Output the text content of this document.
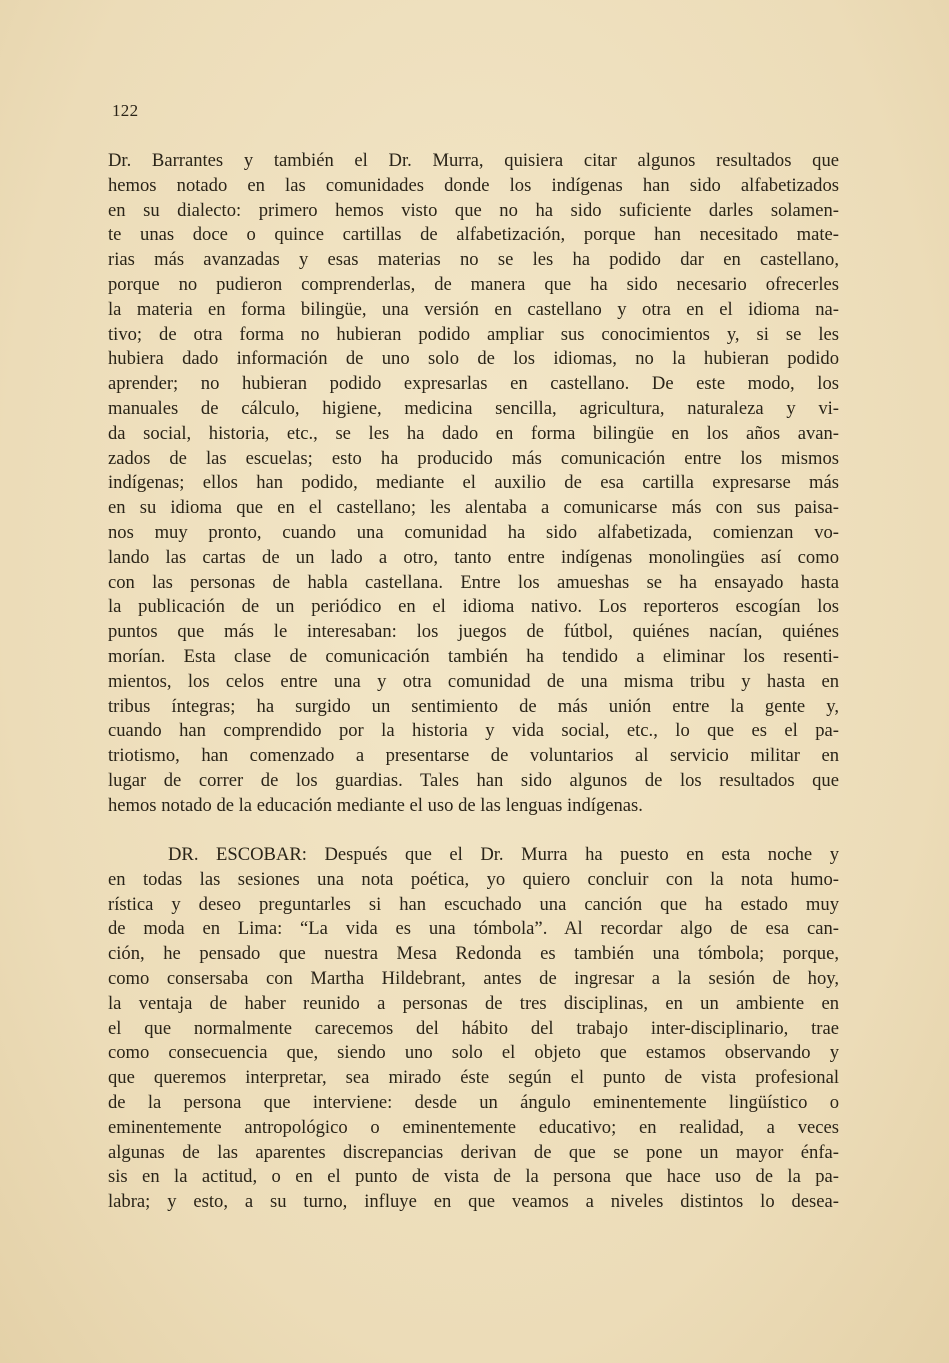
122
Dr. Barrantes y también el Dr. Murra, quisiera citar algunos resultados que
hemos notado en las comunidades donde los indígenas han sido alfabetizados
en su dialecto: primero hemos visto que no ha sido suficiente darles solamen-
te unas doce o quince cartillas de alfabetización, porque han necesitado mate-
rias más avanzadas y esas materias no se les ha podido dar en castellano,
porque no pudieron comprenderlas, de manera que ha sido necesario ofrecerles
la materia en forma bilingüe, una versión en castellano y otra en el idioma na-
tivo; de otra forma no hubieran podido ampliar sus conocimientos y, si se les
hubiera dado información de uno solo de los idiomas, no la hubieran podido
aprender; no hubieran podido expresarlas en castellano. De este modo, los
manuales de cálculo, higiene, medicina sencilla, agricultura, naturaleza y vi-
da social, historia, etc., se les ha dado en forma bilingüe en los años avan-
zados de las escuelas; esto ha producido más comunicación entre los mismos
indígenas; ellos han podido, mediante el auxilio de esa cartilla expresarse más
en su idioma que en el castellano; les alentaba a comunicarse más con sus paisa-
nos muy pronto, cuando una comunidad ha sido alfabetizada, comienzan vo-
lando las cartas de un lado a otro, tanto entre indígenas monolingües así como
con las personas de habla castellana. Entre los amueshas se ha ensayado hasta
la publicación de un periódico en el idioma nativo. Los reporteros escogían los
puntos que más le interesaban: los juegos de fútbol, quiénes nacían, quiénes
morían. Esta clase de comunicación también ha tendido a eliminar los resenti-
mientos, los celos entre una y otra comunidad de una misma tribu y hasta en
tribus íntegras; ha surgido un sentimiento de más unión entre la gente y,
cuando han comprendido por la historia y vida social, etc., lo que es el pa-
triotismo, han comenzado a presentarse de voluntarios al servicio militar en
lugar de correr de los guardias. Tales han sido algunos de los resultados que
hemos notado de la educación mediante el uso de las lenguas indígenas.
DR. ESCOBAR: Después que el Dr. Murra ha puesto en esta noche y
en todas las sesiones una nota poética, yo quiero concluir con la nota humo-
rística y deseo preguntarles si han escuchado una canción que ha estado muy
de moda en Lima: “La vida es una tómbola”. Al recordar algo de esa can-
ción, he pensado que nuestra Mesa Redonda es también una tómbola; porque,
como consersaba con Martha Hildebrant, antes de ingresar a la sesión de hoy,
la ventaja de haber reunido a personas de tres disciplinas, en un ambiente en
el que normalmente carecemos del hábito del trabajo inter-disciplinario, trae
como consecuencia que, siendo uno solo el objeto que estamos observando y
que queremos interpretar, sea mirado éste según el punto de vista profesional
de la persona que interviene: desde un ángulo eminentemente lingüístico o
eminentemente antropológico o eminentemente educativo; en realidad, a veces
algunas de las aparentes discrepancias derivan de que se pone un mayor énfa-
sis en la actitud, o en el punto de vista de la persona que hace uso de la pa-
labra; y esto, a su turno, influye en que veamos a niveles distintos lo desea-
